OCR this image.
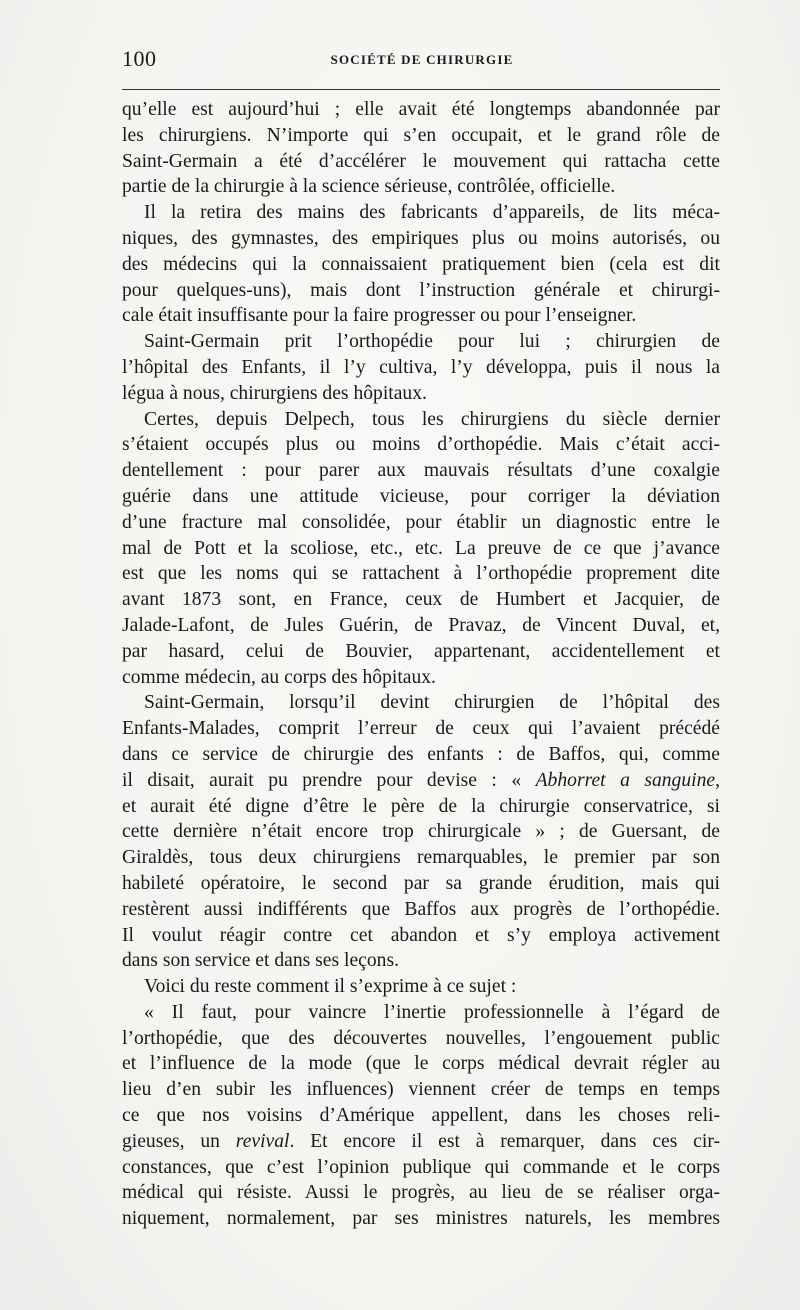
100	SOCIÉTÉ DE CHIRURGIE
qu’elle est aujourd’hui ; elle avait été longtemps abandonnée par
les chirurgiens. N’importe qui s’en occupait, et le grand rôle de
Saint-Germain a été d’accélérer le mouvement qui rattacha cette
partie de la chirurgie à la science sérieuse, contrôlée, officielle.
Il la retira des mains des fabricants d’appareils, de lits méca-
niques, des gymnastes, des empiriques plus ou moins autorisés, ou
des médecins qui la connaissaient pratiquement bien (cela est dit
pour quelques-uns), mais dont l’instruction générale et chirurgi-
cale était insuffisante pour la faire progresser ou pour l’enseigner.
Saint-Germain prit l’orthopédie pour lui ; chirurgien de
l’hôpital des Enfants, il l’y cultiva, l’y développa, puis il nous la
légua à nous, chirurgiens des hôpitaux.
Certes, depuis Delpech, tous les chirurgiens du siècle dernier
s’étaient occupés plus ou moins d’orthopédie. Mais c’était acci-
dentellement : pour parer aux mauvais résultats d’une coxalgie
guérie dans une attitude vicieuse, pour corriger la déviation
d’une fracture mal consolidée, pour établir un diagnostic entre le
mal de Pott et la scoliose, etc., etc. La preuve de ce que j’avance
est que les noms qui se rattachent à l’orthopédie proprement dite
avant 1873 sont, en France, ceux de Humbert et Jacquier, de
Jalade-Lafont, de Jules Guérin, de Pravaz, de Vincent Duval, et,
par hasard, celui de Bouvier, appartenant, accidentellement et
comme médecin, au corps des hôpitaux.
Saint-Germain, lorsqu’il devint chirurgien de l’hôpital des
Enfants-Malades, comprit l’erreur de ceux qui l’avaient précédé
dans ce service de chirurgie des enfants : de Baffos, qui, comme
il disait, aurait pu prendre pour devise : « Abhorret a sanguine,
et aurait été digne d’être le père de la chirurgie conservatrice, si
cette dernière n’était encore trop chirurgicale » ; de Guersant, de
Giraldès, tous deux chirurgiens remarquables, le premier par son
habileté opératoire, le second par sa grande érudition, mais qui
restèrent aussi indifférents que Baffos aux progrès de l’orthopédie.
Il voulut réagir contre cet abandon et s’y employa activement
dans son service et dans ses leçons.
Voici du reste comment il s’exprime à ce sujet :
« Il faut, pour vaincre l’inertie professionnelle à l’égard de
l’orthopédie, que des découvertes nouvelles, l’engouement public
et l’influence de la mode (que le corps médical devrait régler au
lieu d’en subir les influences) viennent créer de temps en temps
ce que nos voisins d’Amérique appellent, dans les choses reli-
gieuses, un revival. Et encore il est à remarquer, dans ces cir-
constances, que c’est l’opinion publique qui commande et le corps
médical qui résiste. Aussi le progrès, au lieu de se réaliser orga-
niquement, normalement, par ses ministres naturels, les membres
